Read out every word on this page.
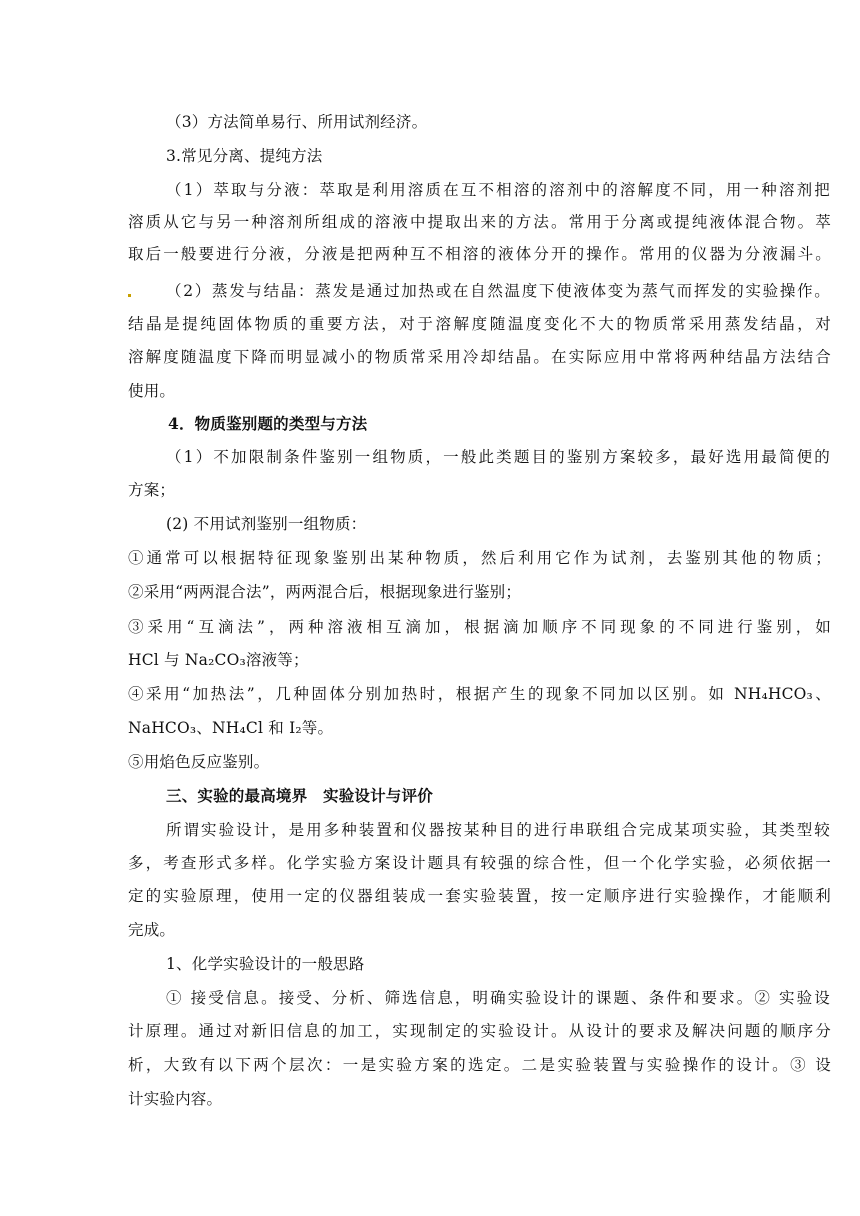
（3）方法简单易行、所用试剂经济。
3.常见分离、提纯方法
（1）萃取与分液：萃取是利用溶质在互不相溶的溶剂中的溶解度不同，用一种溶剂把
溶质从它与另一种溶剂所组成的溶液中提取出来的方法。常用于分离或提纯液体混合物。萃
取后一般要进行分液，分液是把两种互不相溶的液体分开的操作。常用的仪器为分液漏斗。
（2）蒸发与结晶：蒸发是通过加热或在自然温度下使液体变为蒸气而挥发的实验操作。
结晶是提纯固体物质的重要方法，对于溶解度随温度变化不大的物质常采用蒸发结晶，对
溶解度随温度下降而明显减小的物质常采用冷却结晶。在实际应用中常将两种结晶方法结合
使用。
4．物质鉴别题的类型与方法
（1）不加限制条件鉴别一组物质，一般此类题目的鉴别方案较多，最好选用最简便的
方案；
(2) 不用试剂鉴别一组物质：
①通常可以根据特征现象鉴别出某种物质，然后利用它作为试剂，去鉴别其他的物质；
②采用“两两混合法”，两两混合后，根据现象进行鉴别；
③采用“互滴法”，两种溶液相互滴加，根据滴加顺序不同现象的不同进行鉴别，如
HCl 与 Na₂CO₃溶液等；
④采用“加热法”，几种固体分别加热时，根据产生的现象不同加以区别。如 NH₄HCO₃、
NaHCO₃、NH₄Cl 和 I₂等。
⑤用焰色反应鉴别。
三、实验的最高境界　实验设计与评价
所谓实验设计，是用多种装置和仪器按某种目的进行串联组合完成某项实验，其类型较
多，考查形式多样。化学实验方案设计题具有较强的综合性，但一个化学实验，必须依据一
定的实验原理，使用一定的仪器组装成一套实验装置，按一定顺序进行实验操作，才能顺利
完成。
1、化学实验设计的一般思路
① 接受信息。接受、分析、筛选信息，明确实验设计的课题、条件和要求。② 实验设
计原理。通过对新旧信息的加工，实现制定的实验设计。从设计的要求及解决问题的顺序分
析，大致有以下两个层次：一是实验方案的选定。二是实验装置与实验操作的设计。③ 设
计实验内容。
